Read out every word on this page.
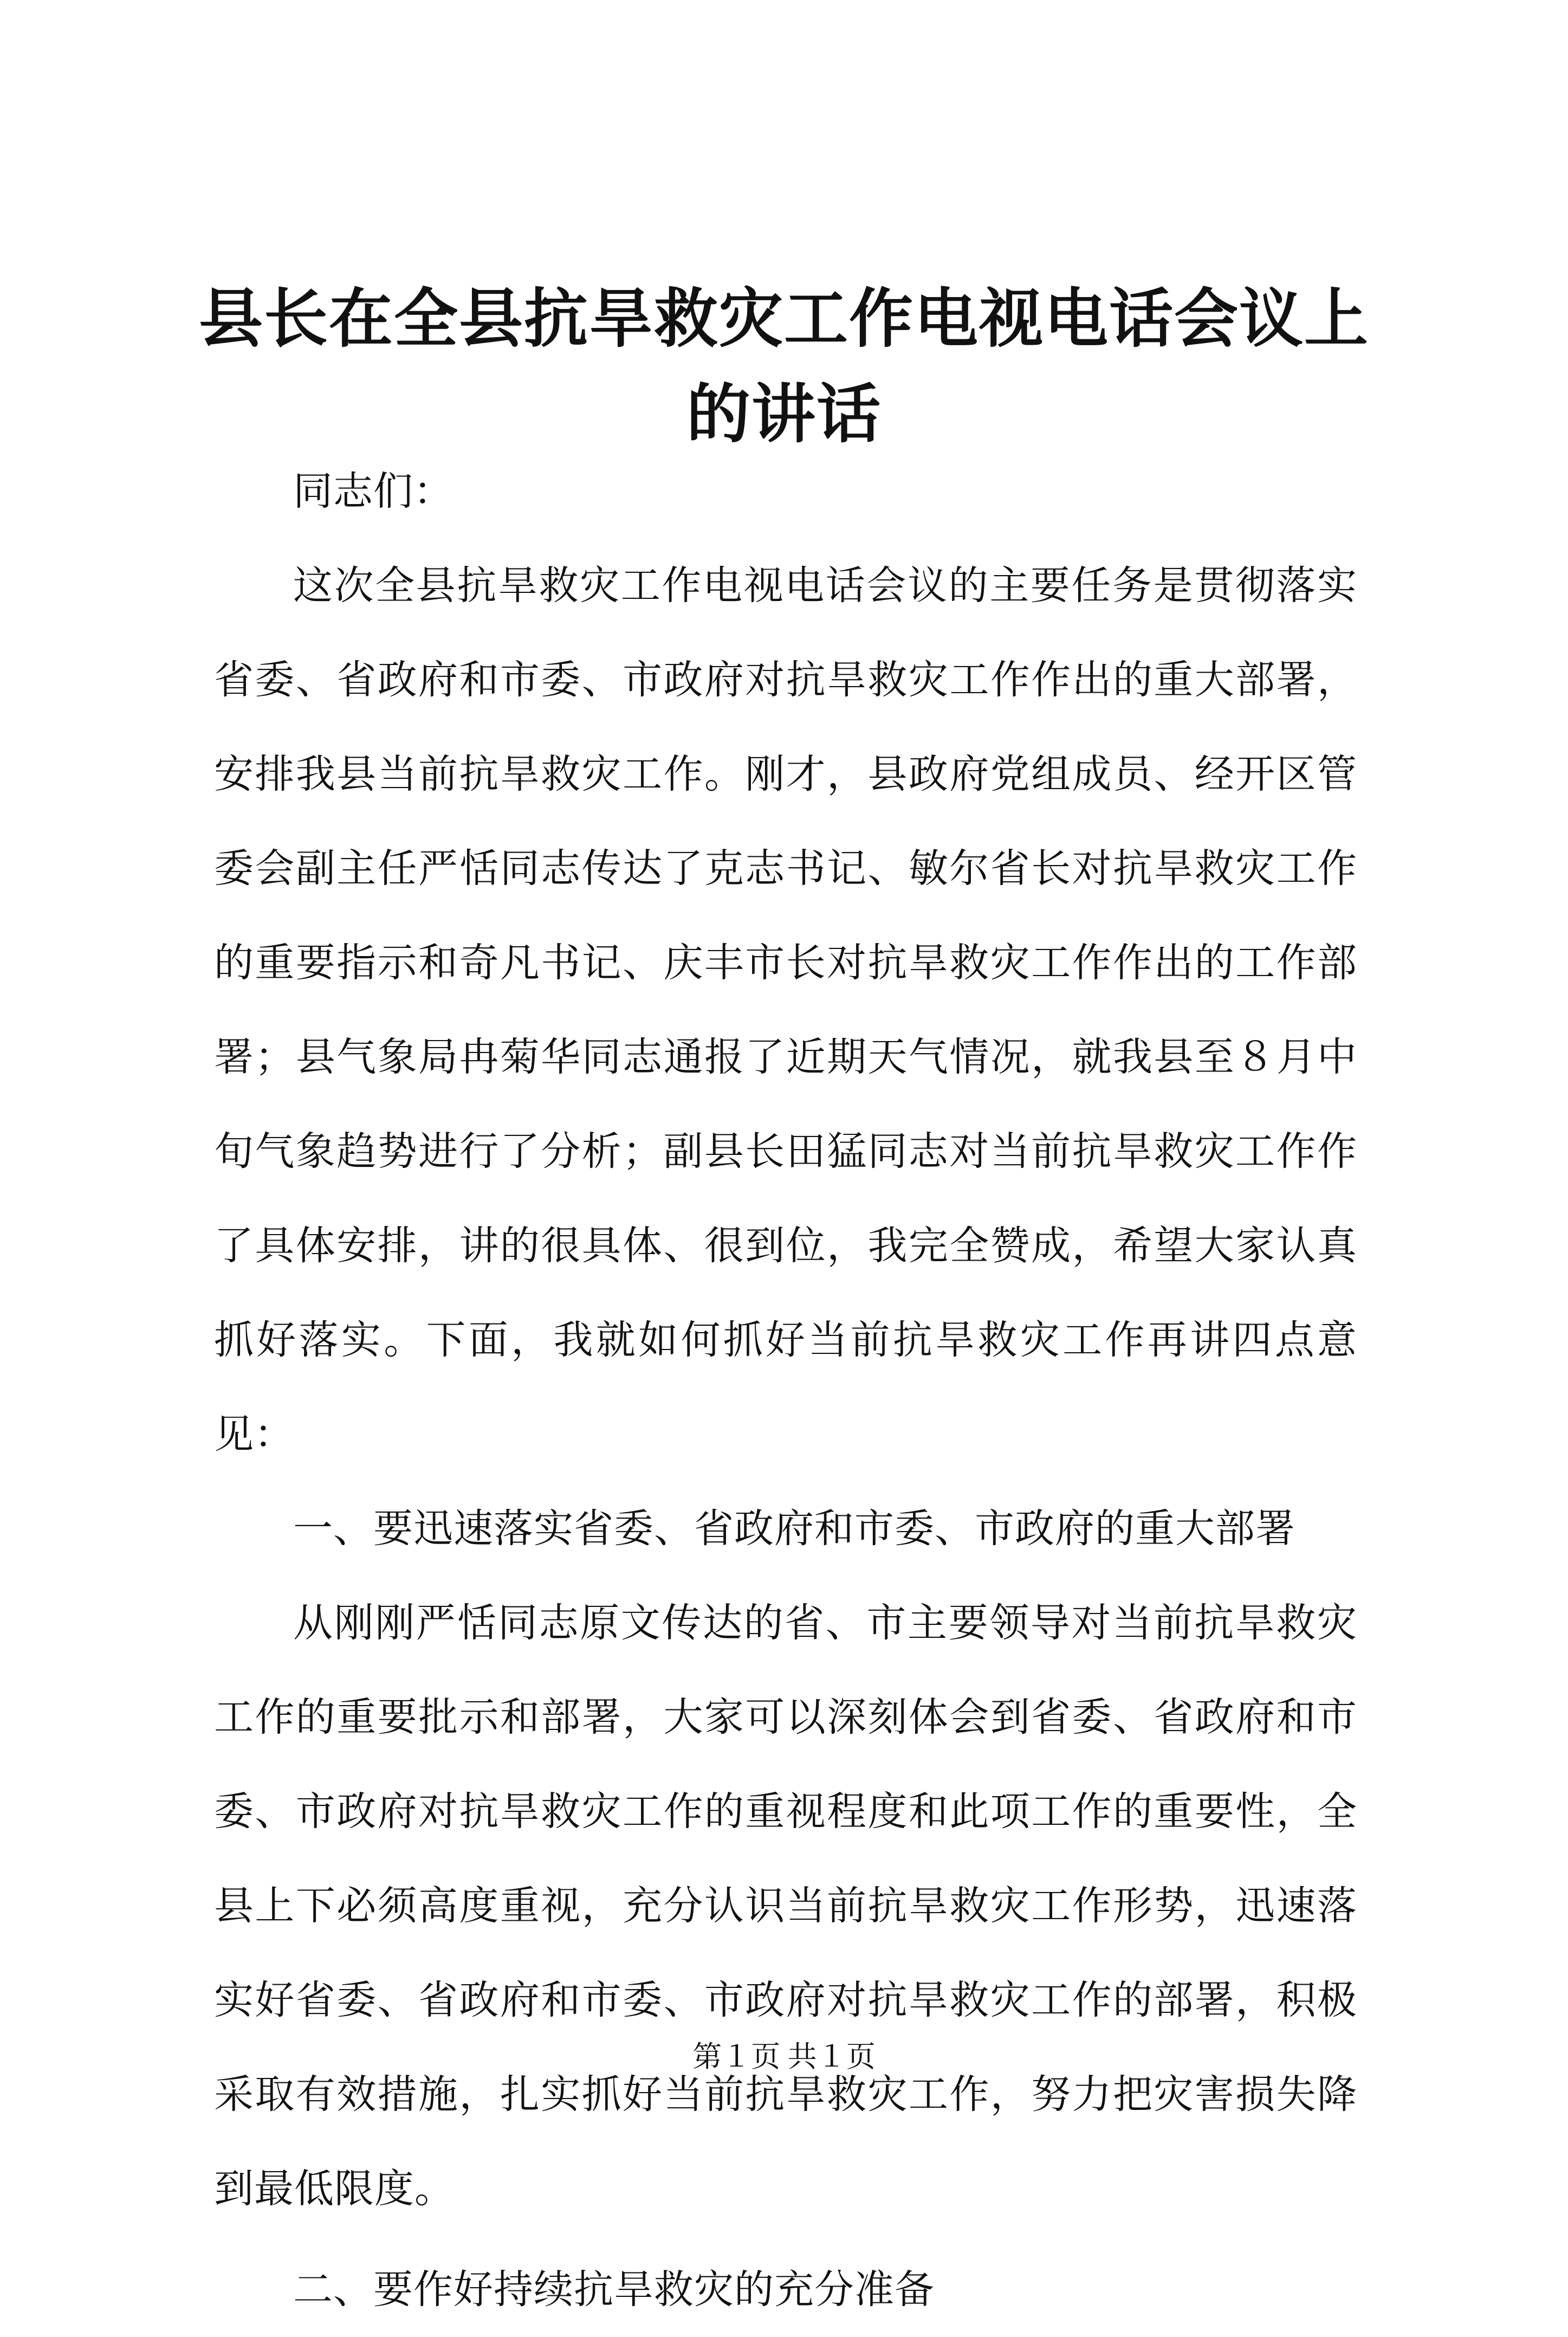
县长在全县抗旱救灾工作电视电话会议上的讲话

同志们：

这次全县抗旱救灾工作电视电话会议的主要任务是贯彻落实省委、省政府和市委、市政府对抗旱救灾工作作出的重大部署，安排我县当前抗旱救灾工作。刚才，县政府党组成员、经开区管委会副主任严恬同志传达了克志书记、敏尔省长对抗旱救灾工作的重要指示和奇凡书记、庆丰市长对抗旱救灾工作作出的工作部署；县气象局冉菊华同志通报了近期天气情况，就我县至８月中旬气象趋势进行了分析；副县长田猛同志对当前抗旱救灾工作作了具体安排，讲的很具体、很到位，我完全赞成，希望大家认真抓好落实。下面，我就如何抓好当前抗旱救灾工作再讲四点意见：

一、要迅速落实省委、省政府和市委、市政府的重大部署

从刚刚严恬同志原文传达的省、市主要领导对当前抗旱救灾工作的重要批示和部署，大家可以深刻体会到省委、省政府和市委、市政府对抗旱救灾工作的重视程度和此项工作的重要性，全县上下必须高度重视，充分认识当前抗旱救灾工作形势，迅速落实好省委、省政府和市委、市政府对抗旱救灾工作的部署，积极采取有效措施，扎实抓好当前抗旱救灾工作，努力把灾害损失降到最低限度。

二、要作好持续抗旱救灾的充分准备

第１页 共１页
